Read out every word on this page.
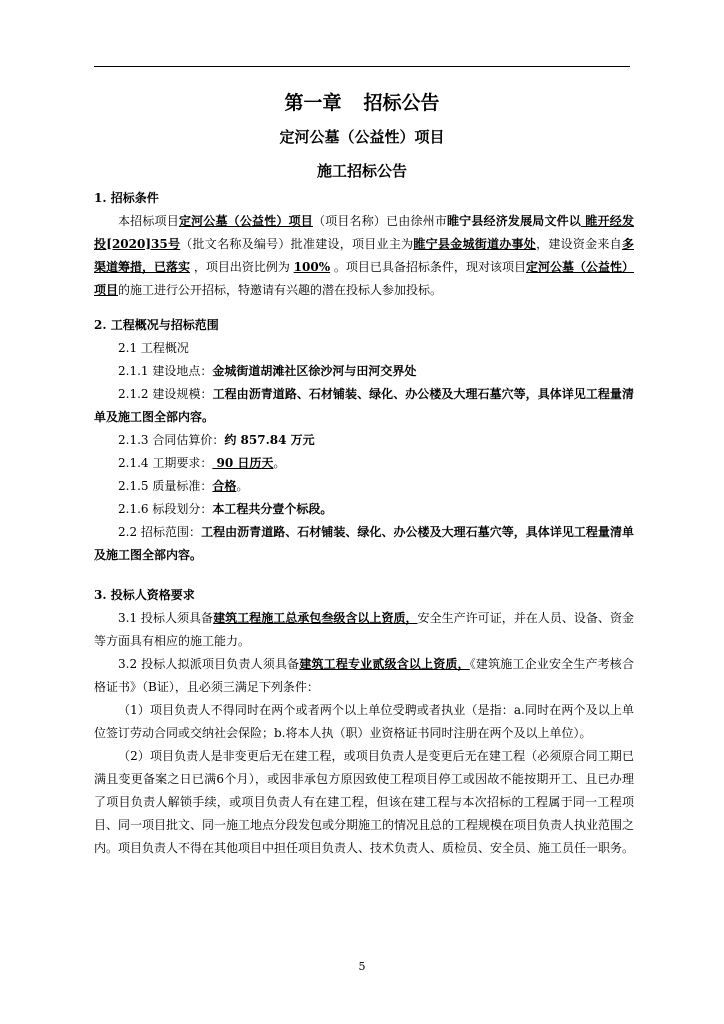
第一章 招标公告
定河公墓（公益性）项目
施工招标公告
1. 招标条件
本招标项目定河公墓（公益性）项目（项目名称）已由徐州市睢宁县经济发展局文件以 睢开经发投[2020]35号（批文名称及编号）批准建设，项目业主为睢宁县金城街道办事处，建设资金来自多渠道筹措，已落实 ，项目出资比例为 100% 。项目已具备招标条件，现对该项目定河公墓（公益性）项目的施工进行公开招标，特邀请有兴趣的潜在投标人参加投标。
2. 工程概况与招标范围
2.1 工程概况
2.1.1 建设地点：金城街道胡滩社区徐沙河与田河交界处
2.1.2 建设规模：工程由沥青道路、石材铺装、绿化、办公楼及大理石墓穴等，具体详见工程量清单及施工图全部内容。
2.1.3 合同估算价：约 857.84 万元
2.1.4 工期要求： 90 日历天。
2.1.5 质量标准：合格。
2.1.6 标段划分：本工程共分壹个标段。
2.2 招标范围：工程由沥青道路、石材铺装、绿化、办公楼及大理石墓穴等，具体详见工程量清单及施工图全部内容。
3. 投标人资格要求
3.1 投标人须具备建筑工程施工总承包叁级含以上资质，安全生产许可证，并在人员、设备、资金等方面具有相应的施工能力。
3.2 投标人拟派项目负责人须具备建筑工程专业贰级含以上资质，《建筑施工企业安全生产考核合格证书》（B证），且必须三满足下列条件：
（1）项目负责人不得同时在两个或者两个以上单位受聘或者执业（是指：a.同时在两个及以上单位签订劳动合同或交纳社会保险；b.将本人执（职）业资格证书同时注册在两个及以上单位）。
（2）项目负责人是非变更后无在建工程，或项目负责人是变更后无在建工程（必须原合同工期已满且变更备案之日已满6个月），或因非承包方原因致使工程项目停工或因故不能按期开工、且已办理了项目负责人解锁手续，或项目负责人有在建工程，但该在建工程与本次招标的工程属于同一工程项目、同一项目批文、同一施工地点分段发包或分期施工的情况且总的工程规模在项目负责人执业范围之内。项目负责人不得在其他项目中担任项目负责人、技术负责人、质检员、安全员、施工员任一职务。
5
